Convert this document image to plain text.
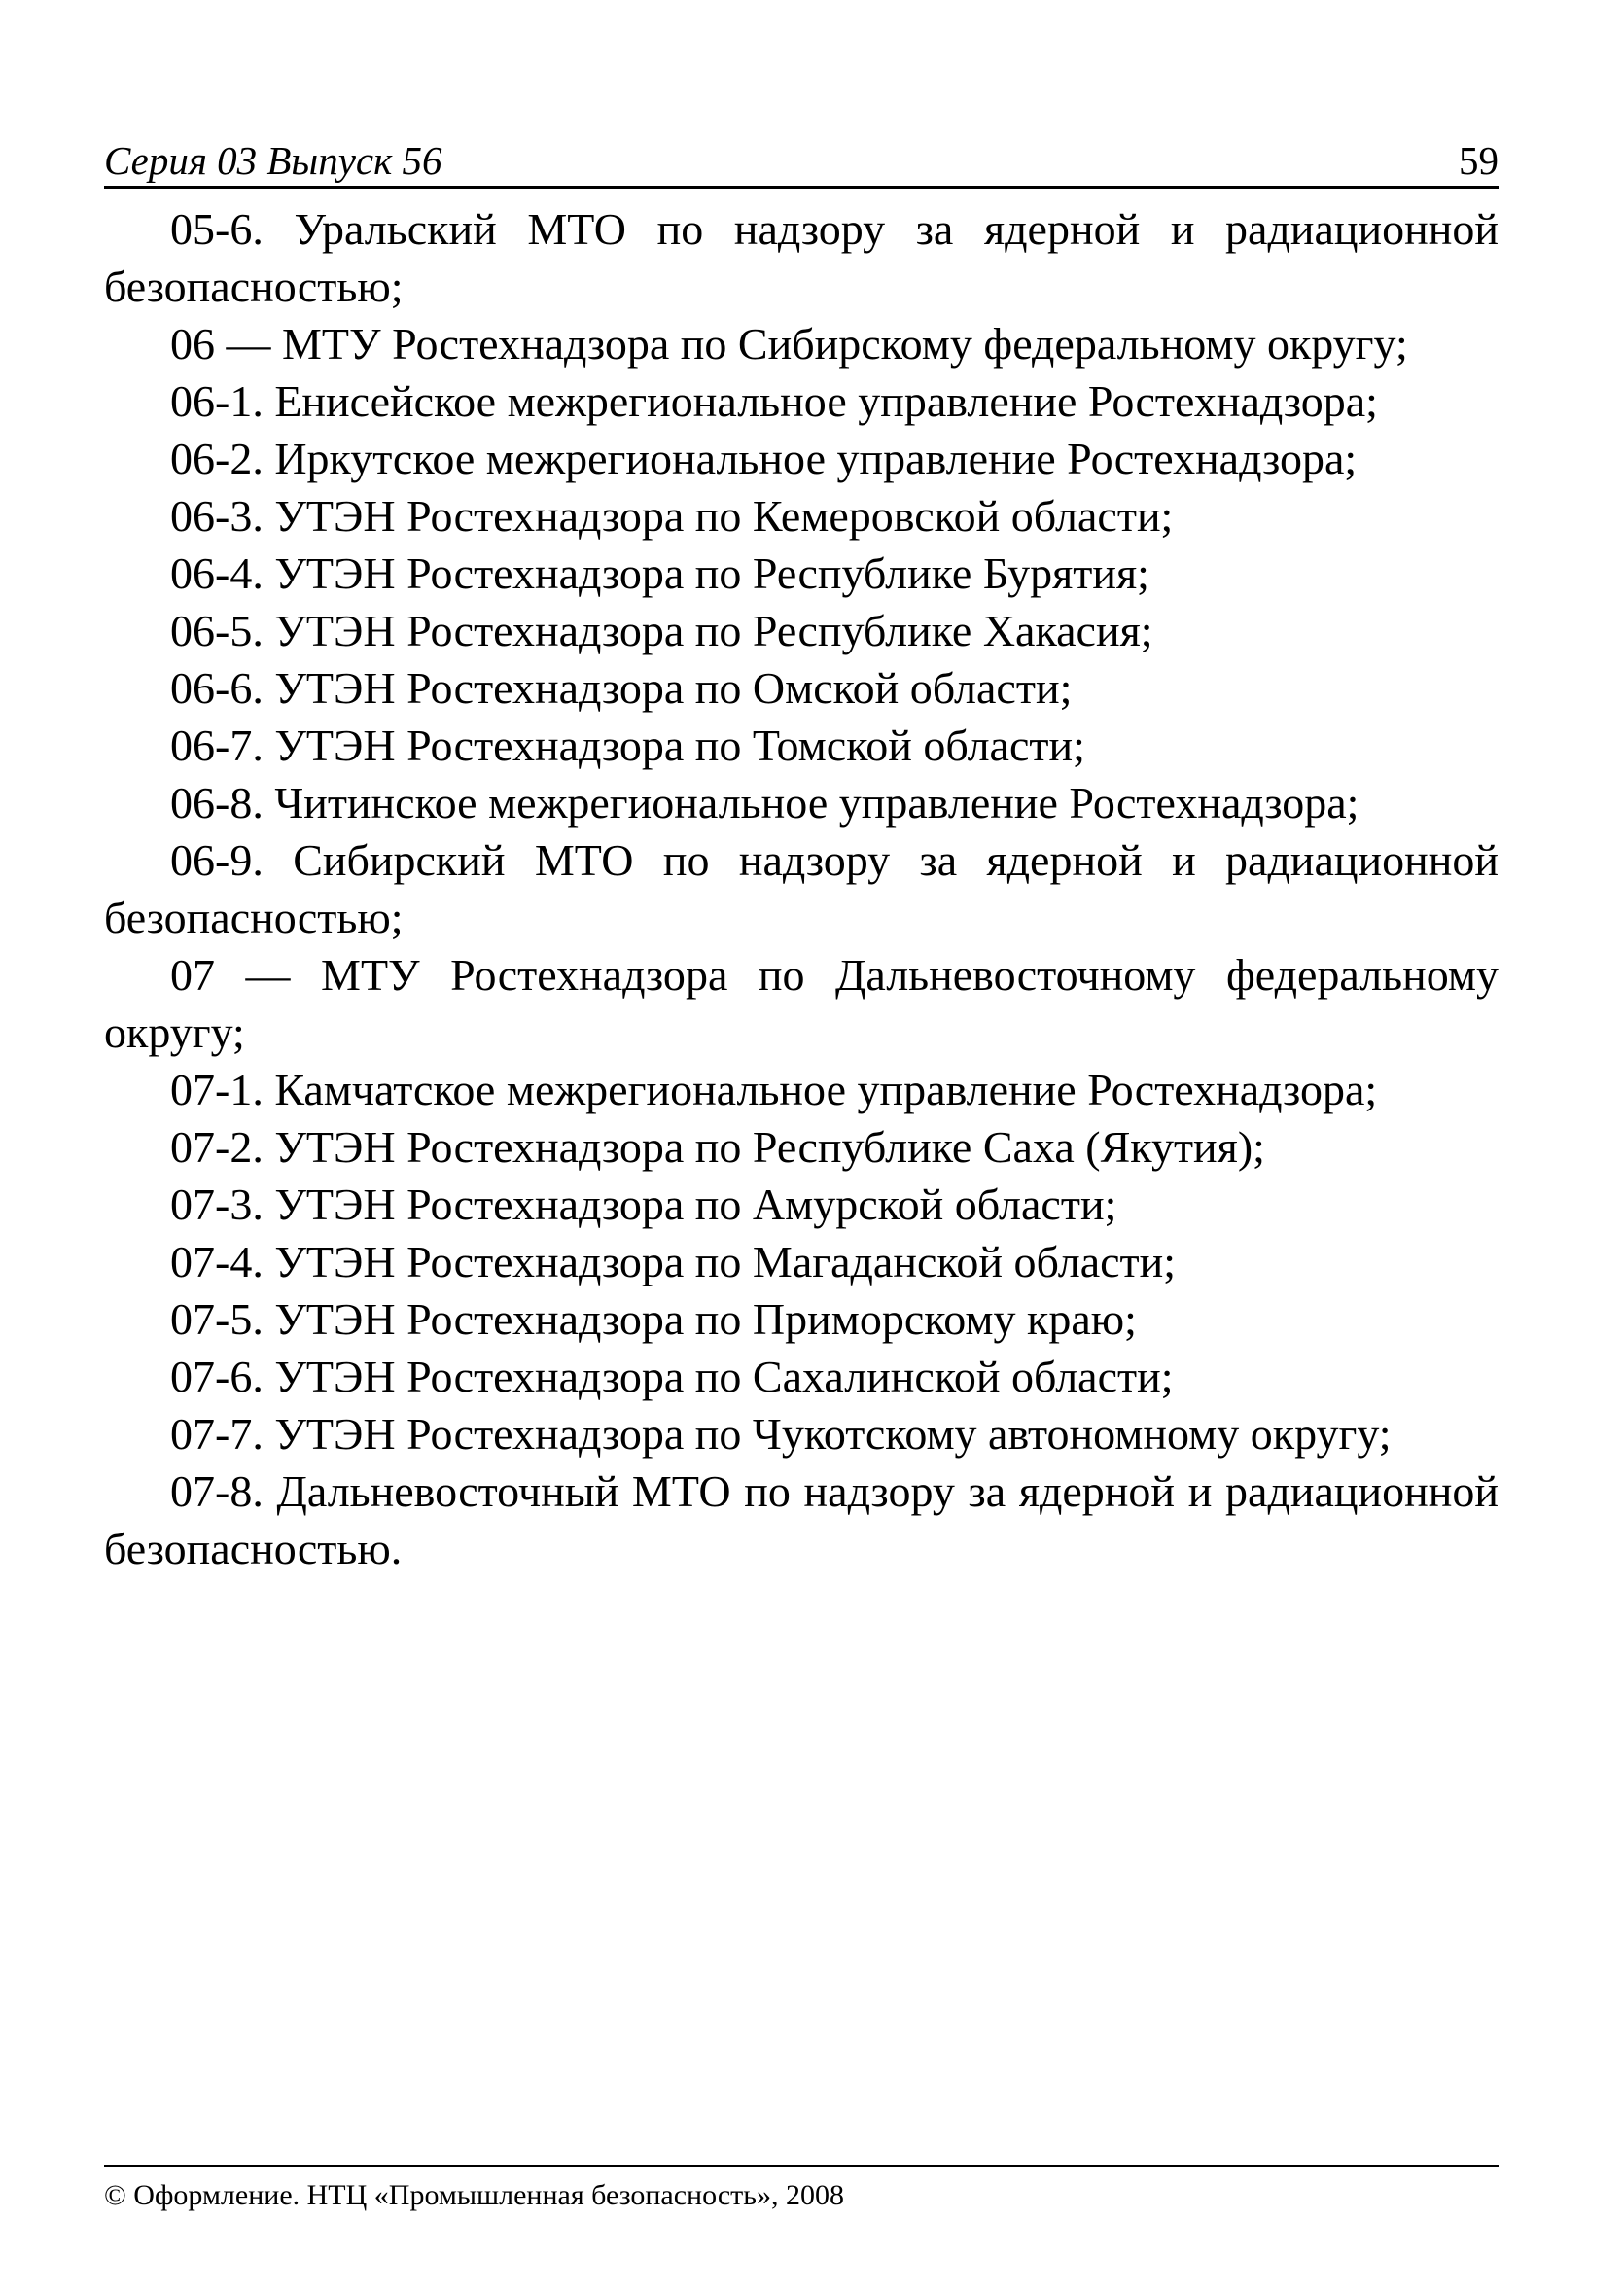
Серия 03 Выпуск 56	59

05-6. Уральский МТО по надзору за ядерной и радиационной безопасностью;

06 — МТУ Ростехнадзора по Сибирскому федеральному округу;

06-1. Енисейское межрегиональное управление Ростехнадзора;

06-2. Иркутское межрегиональное управление Ростехнадзора;

06-3. УТЭН Ростехнадзора по Кемеровской области;

06-4. УТЭН Ростехнадзора по Республике Бурятия;

06-5. УТЭН Ростехнадзора по Республике Хакасия;

06-6. УТЭН Ростехнадзора по Омской области;

06-7. УТЭН Ростехнадзора по Томской области;

06-8. Читинское межрегиональное управление Ростехнадзора;

06-9. Сибирский МТО по надзору за ядерной и радиационной безопасностью;

07 — МТУ Ростехнадзора по Дальневосточному федеральному округу;

07-1. Камчатское межрегиональное управление Ростехнадзора;

07-2. УТЭН Ростехнадзора по Республике Саха (Якутия);

07-3. УТЭН Ростехнадзора по Амурской области;

07-4. УТЭН Ростехнадзора по Магаданской области;

07-5. УТЭН Ростехнадзора по Приморскому краю;

07-6. УТЭН Ростехнадзора по Сахалинской области;

07-7. УТЭН Ростехнадзора по Чукотскому автономному округу;

07-8. Дальневосточный МТО по надзору за ядерной и радиационной безопасностью.

© Оформление. НТЦ «Промышленная безопасность», 2008
